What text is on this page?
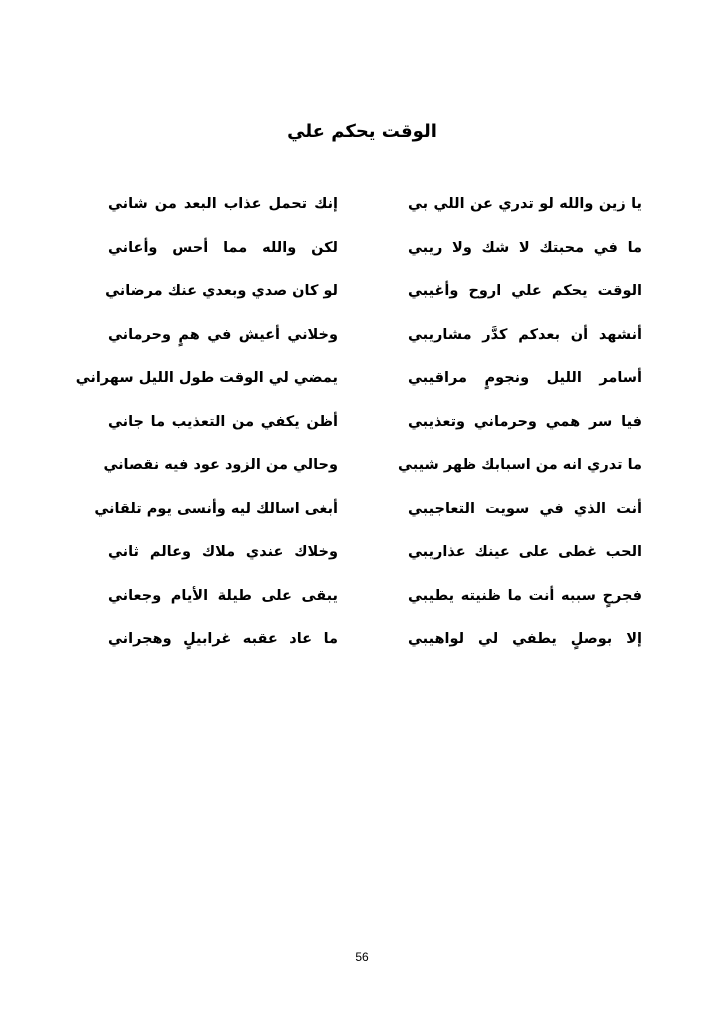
الوقت يحكم علي
يا زين والله لو تدري عن اللي بي
إنك تحمل عذاب البعد من شاني
ما في محبتك لا شك ولا ريبي
لكن والله مما أحس وأعاني
الوقت يحكم علي اروح وأغيبي
لو كان صدي وبعدي عنك مرضاني
أنشهد أن بعدكم كدَّر مشاريبي
وخلاني أعيش في همٍ وحرماني
أسامر الليل ونجومٍ مراقيبي
يمضي لي الوقت طول الليل سهراني
فيا سر همي وحرماني وتعذيبي
أظن يكفي من التعذيب ما جاني
ما تدري انه من اسبابك ظهر شيبي
وحالي من الزود عود فيه نقصاني
أنت الذي في سويت التعاجيبي
أبغى اسالك ليه وأنسى يوم تلقاني
الحب غطى على عينك عذاريبي
وخلاك عندي ملاك وعالم ثاني
فجرحٍ سببه أنت ما ظنيته يطيبي
يبقى على طيلة الأيام وجعاني
إلا بوصلٍ يطفي لي لواهيبي
ما عاد عقبه غرابيلٍ وهجراني
56
